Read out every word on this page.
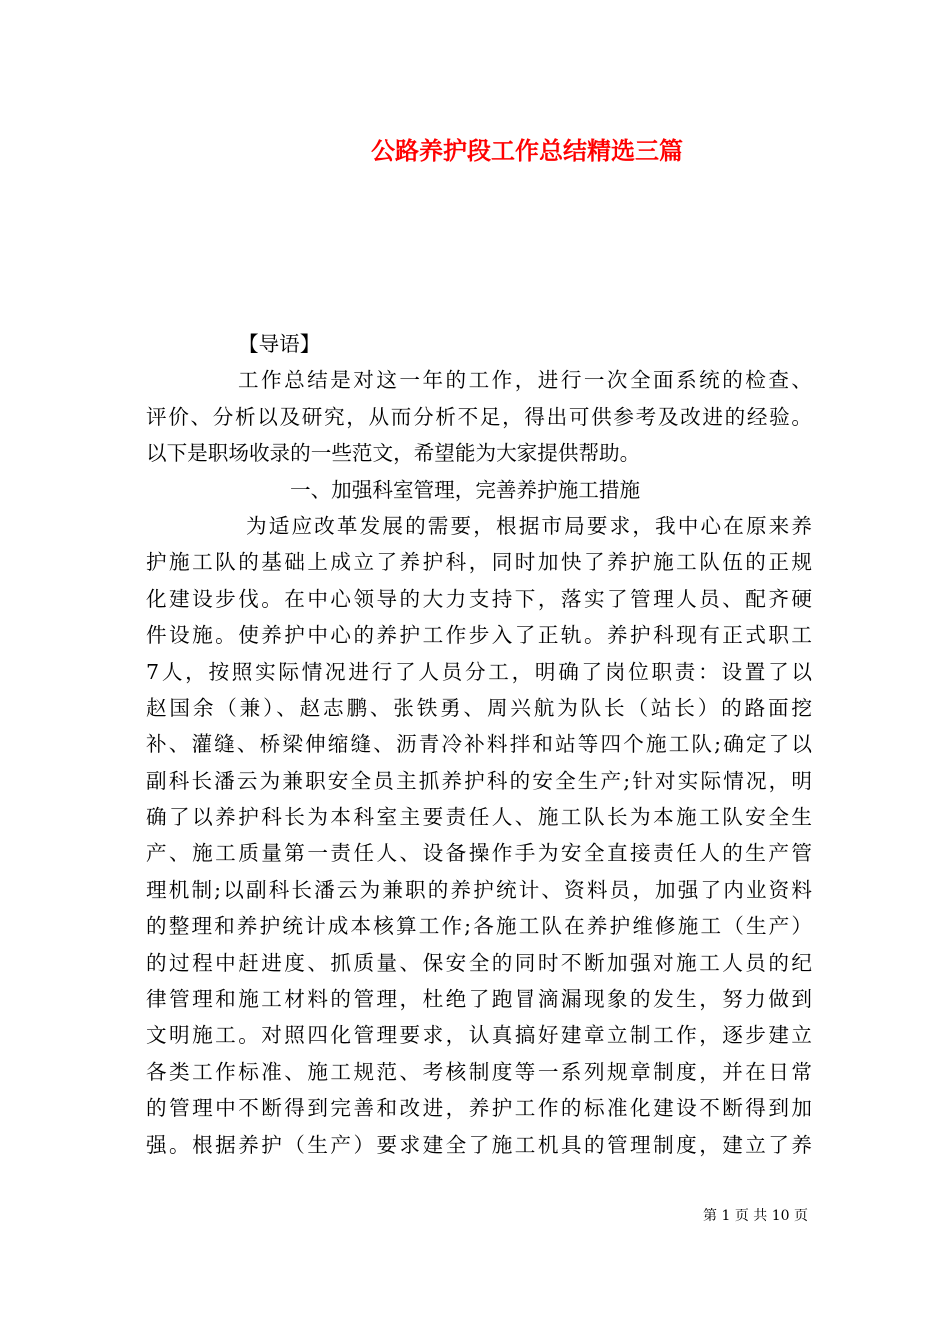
公路养护段工作总结精选三篇
【导语】
工作总结是对这一年的工作，进行一次全面系统的检查、
评价、分析以及研究，从而分析不足，得出可供参考及改进的经验。
以下是职场收录的一些范文，希望能为大家提供帮助。
一、加强科室管理，完善养护施工措施
为适应改革发展的需要，根据市局要求，我中心在原来养
护施工队的基础上成立了养护科，同时加快了养护施工队伍的正规
化建设步伐。在中心领导的大力支持下，落实了管理人员、配齐硬
件设施。使养护中心的养护工作步入了正轨。养护科现有正式职工
7人，按照实际情况进行了人员分工，明确了岗位职责：设置了以
赵国余（兼）、赵志鹏、张铁勇、周兴航为队长（站长）的路面挖
补、灌缝、桥梁伸缩缝、沥青冷补料拌和站等四个施工队;确定了以
副科长潘云为兼职安全员主抓养护科的安全生产;针对实际情况，明
确了以养护科长为本科室主要责任人、施工队长为本施工队安全生
产、施工质量第一责任人、设备操作手为安全直接责任人的生产管
理机制;以副科长潘云为兼职的养护统计、资料员，加强了内业资料
的整理和养护统计成本核算工作;各施工队在养护维修施工（生产）
的过程中赶进度、抓质量、保安全的同时不断加强对施工人员的纪
律管理和施工材料的管理，杜绝了跑冒滴漏现象的发生，努力做到
文明施工。对照四化管理要求，认真搞好建章立制工作，逐步建立
各类工作标准、施工规范、考核制度等一系列规章制度，并在日常
的管理中不断得到完善和改进，养护工作的标准化建设不断得到加
强。根据养护（生产）要求建全了施工机具的管理制度，建立了养
第 1 页 共 10 页
